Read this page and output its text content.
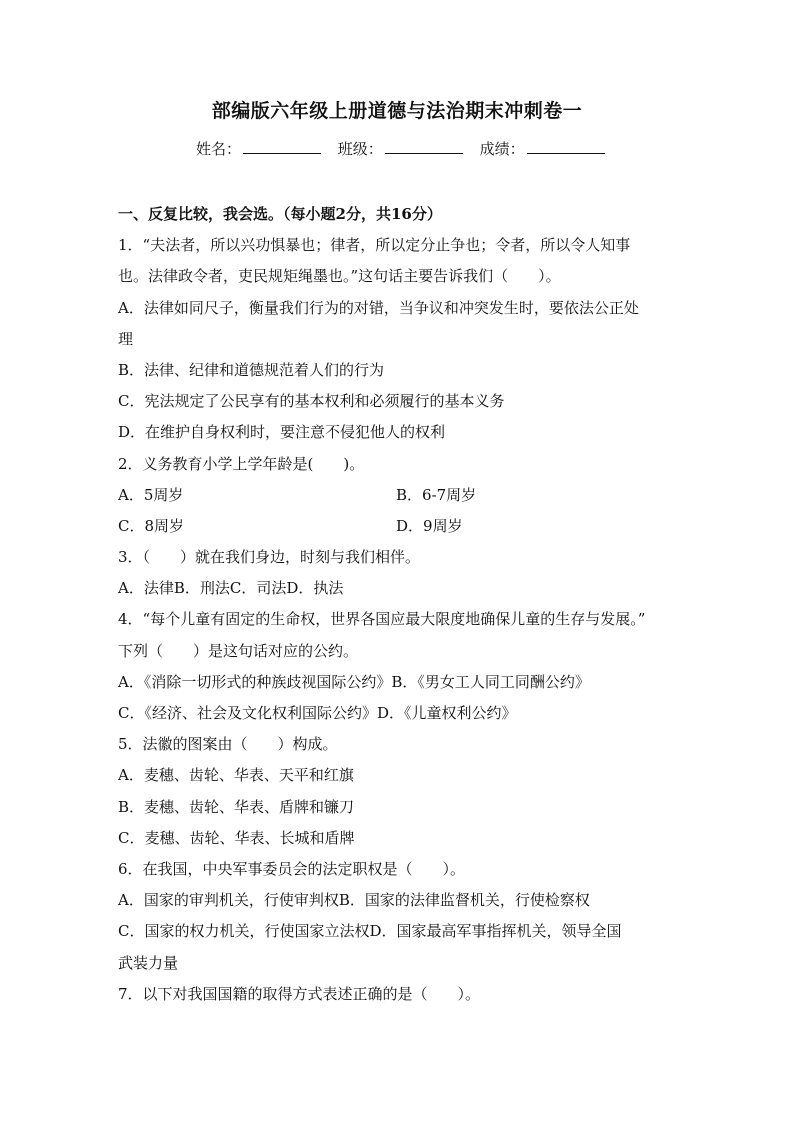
部编版六年级上册道德与法治期末冲刺卷一
姓名：	班级：	成绩：
一、反复比较，我会选。（每小题2分，共16分）
1．“夫法者，所以兴功惧暴也；律者，所以定分止争也；令者，所以令人知事
也。法律政令者，吏民规矩绳墨也。”这句话主要告诉我们（　　）。
A．法律如同尺子，衡量我们行为的对错，当争议和冲突发生时，要依法公正处
理
B．法律、纪律和道德规范着人们的行为
C．宪法规定了公民享有的基本权利和必须履行的基本义务
D．在维护自身权利时，要注意不侵犯他人的权利
2．义务教育小学上学年龄是(　　)。
A．5周岁	B．6-7周岁
C．8周岁	D．9周岁
3．（　　）就在我们身边，时刻与我们相伴。
A．法律B．刑法C．司法D．执法
4．“每个儿童有固定的生命权，世界各国应最大限度地确保儿童的生存与发展。”
下列（　　）是这句话对应的公约。
A．《消除一切形式的种族歧视国际公约》B．《男女工人同工同酬公约》
C．《经济、社会及文化权利国际公约》D．《儿童权利公约》
5．法徽的图案由（　　）构成。
A．麦穗、齿轮、华表、天平和红旗
B．麦穗、齿轮、华表、盾牌和镰刀
C．麦穗、齿轮、华表、长城和盾牌
6．在我国，中央军事委员会的法定职权是（　　）。
A．国家的审判机关，行使审判权B．国家的法律监督机关，行使检察权
C．国家的权力机关，行使国家立法权D．国家最高军事指挥机关，领导全国
武装力量
7．以下对我国国籍的取得方式表述正确的是（　　）。
